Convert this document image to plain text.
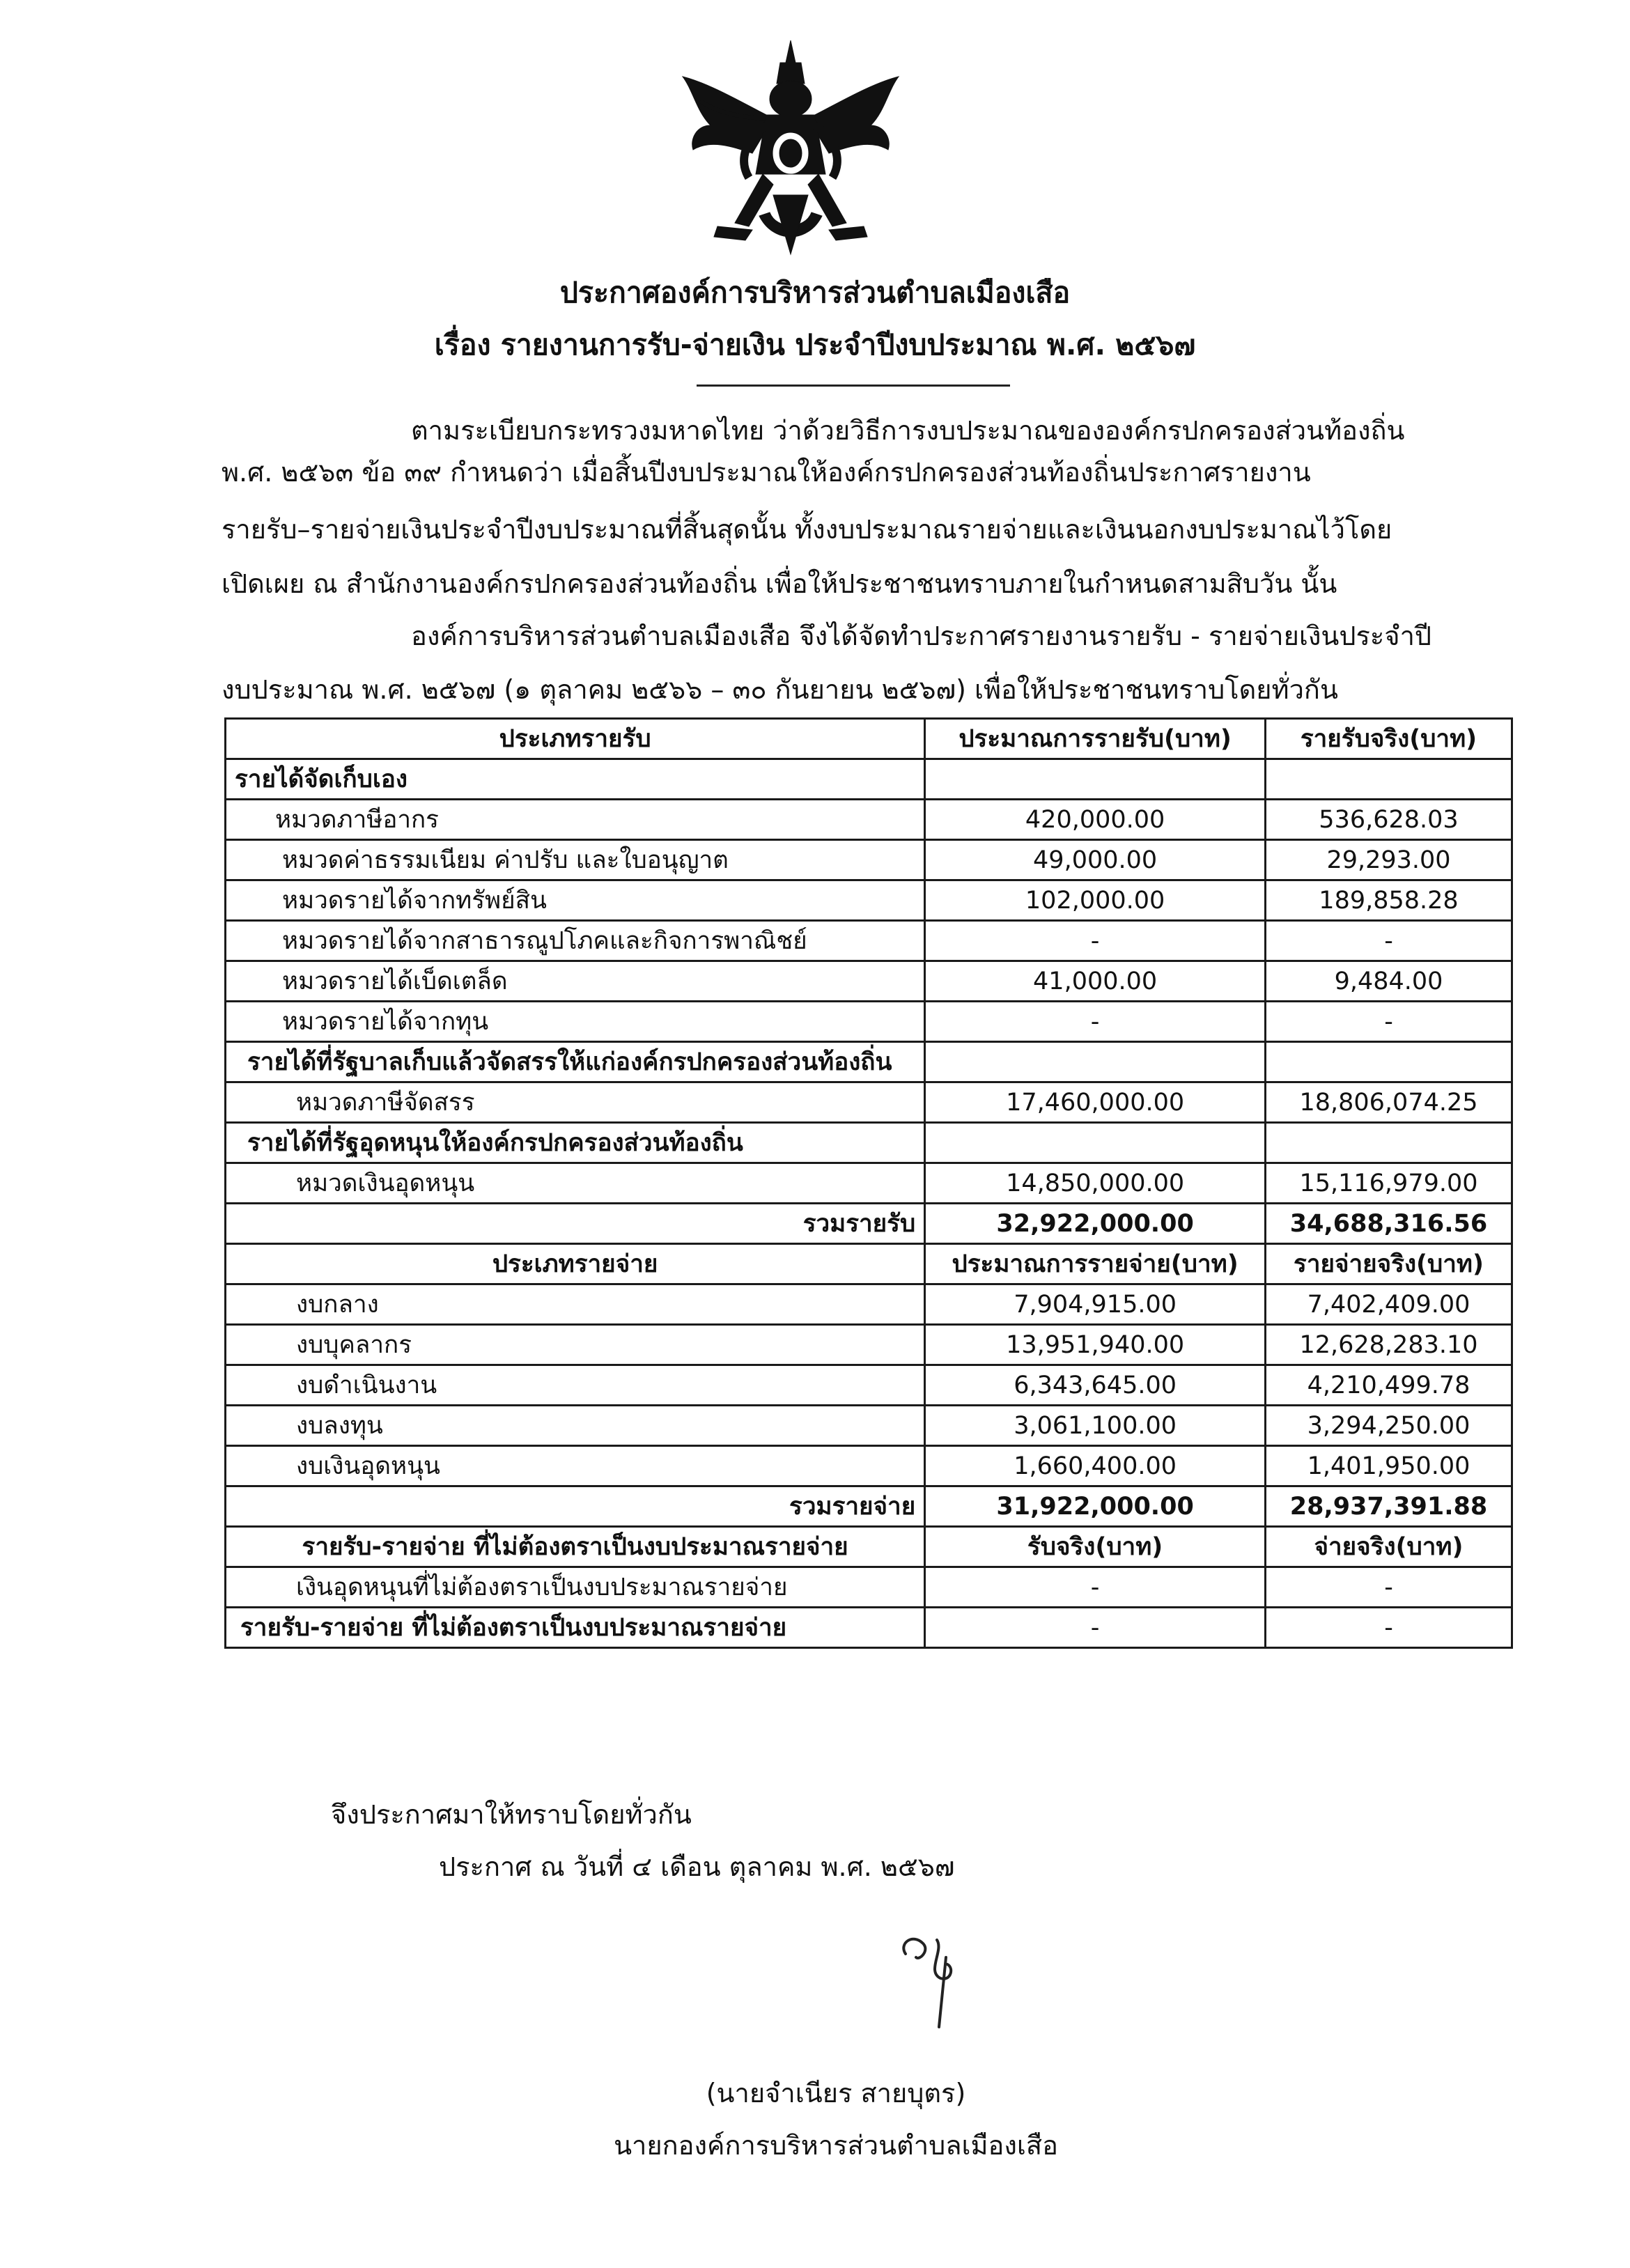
ประกาศองค์การบริหารส่วนตำบลเมืองเสือ
เรื่อง รายงานการรับ-จ่ายเงิน ประจำปีงบประมาณ พ.ศ. ๒๕๖๗
ตามระเบียบกระทรวงมหาดไทย ว่าด้วยวิธีการงบประมาณขององค์กรปกครองส่วนท้องถิ่น
พ.ศ. ๒๕๖๓ ข้อ ๓๙ กำหนดว่า เมื่อสิ้นปีงบประมาณให้องค์กรปกครองส่วนท้องถิ่นประกาศรายงาน
รายรับ–รายจ่ายเงินประจำปีงบประมาณที่สิ้นสุดนั้น ทั้งงบประมาณรายจ่ายและเงินนอกงบประมาณไว้โดย
เปิดเผย ณ สำนักงานองค์กรปกครองส่วนท้องถิ่น เพื่อให้ประชาชนทราบภายในกำหนดสามสิบวัน นั้น
องค์การบริหารส่วนตำบลเมืองเสือ จึงได้จัดทำประกาศรายงานรายรับ - รายจ่ายเงินประจำปี
งบประมาณ พ.ศ. ๒๕๖๗ (๑ ตุลาคม ๒๕๖๖ – ๓๐ กันยายน ๒๕๖๗) เพื่อให้ประชาชนทราบโดยทั่วกัน
ประเภทรายรับ	ประมาณการรายรับ(บาท)	รายรับจริง(บาท)
รายได้จัดเก็บเอง		
หมวดภาษีอากร	420,000.00	536,628.03
หมวดค่าธรรมเนียม ค่าปรับ และใบอนุญาต	49,000.00	29,293.00
หมวดรายได้จากทรัพย์สิน	102,000.00	189,858.28
หมวดรายได้จากสาธารณูปโภคและกิจการพาณิชย์	-	-
หมวดรายได้เบ็ดเตล็ด	41,000.00	9,484.00
หมวดรายได้จากทุน	-	-
รายได้ที่รัฐบาลเก็บแล้วจัดสรรให้แก่องค์กรปกครองส่วนท้องถิ่น		
หมวดภาษีจัดสรร	17,460,000.00	18,806,074.25
รายได้ที่รัฐอุดหนุนให้องค์กรปกครองส่วนท้องถิ่น		
หมวดเงินอุดหนุน	14,850,000.00	15,116,979.00
รวมรายรับ	32,922,000.00	34,688,316.56
ประเภทรายจ่าย	ประมาณการรายจ่าย(บาท)	รายจ่ายจริง(บาท)
งบกลาง	7,904,915.00	7,402,409.00
งบบุคลากร	13,951,940.00	12,628,283.10
งบดำเนินงาน	6,343,645.00	4,210,499.78
งบลงทุน	3,061,100.00	3,294,250.00
งบเงินอุดหนุน	1,660,400.00	1,401,950.00
รวมรายจ่าย	31,922,000.00	28,937,391.88
รายรับ-รายจ่าย ที่ไม่ต้องตราเป็นงบประมาณรายจ่าย	รับจริง(บาท)	จ่ายจริง(บาท)
เงินอุดหนุนที่ไม่ต้องตราเป็นงบประมาณรายจ่าย	-	-
รายรับ-รายจ่าย ที่ไม่ต้องตราเป็นงบประมาณรายจ่าย	-	-
จึงประกาศมาให้ทราบโดยทั่วกัน
ประกาศ ณ วันที่ ๔ เดือน ตุลาคม พ.ศ. ๒๕๖๗
(นายจำเนียร สายบุตร)
นายกองค์การบริหารส่วนตำบลเมืองเสือ
